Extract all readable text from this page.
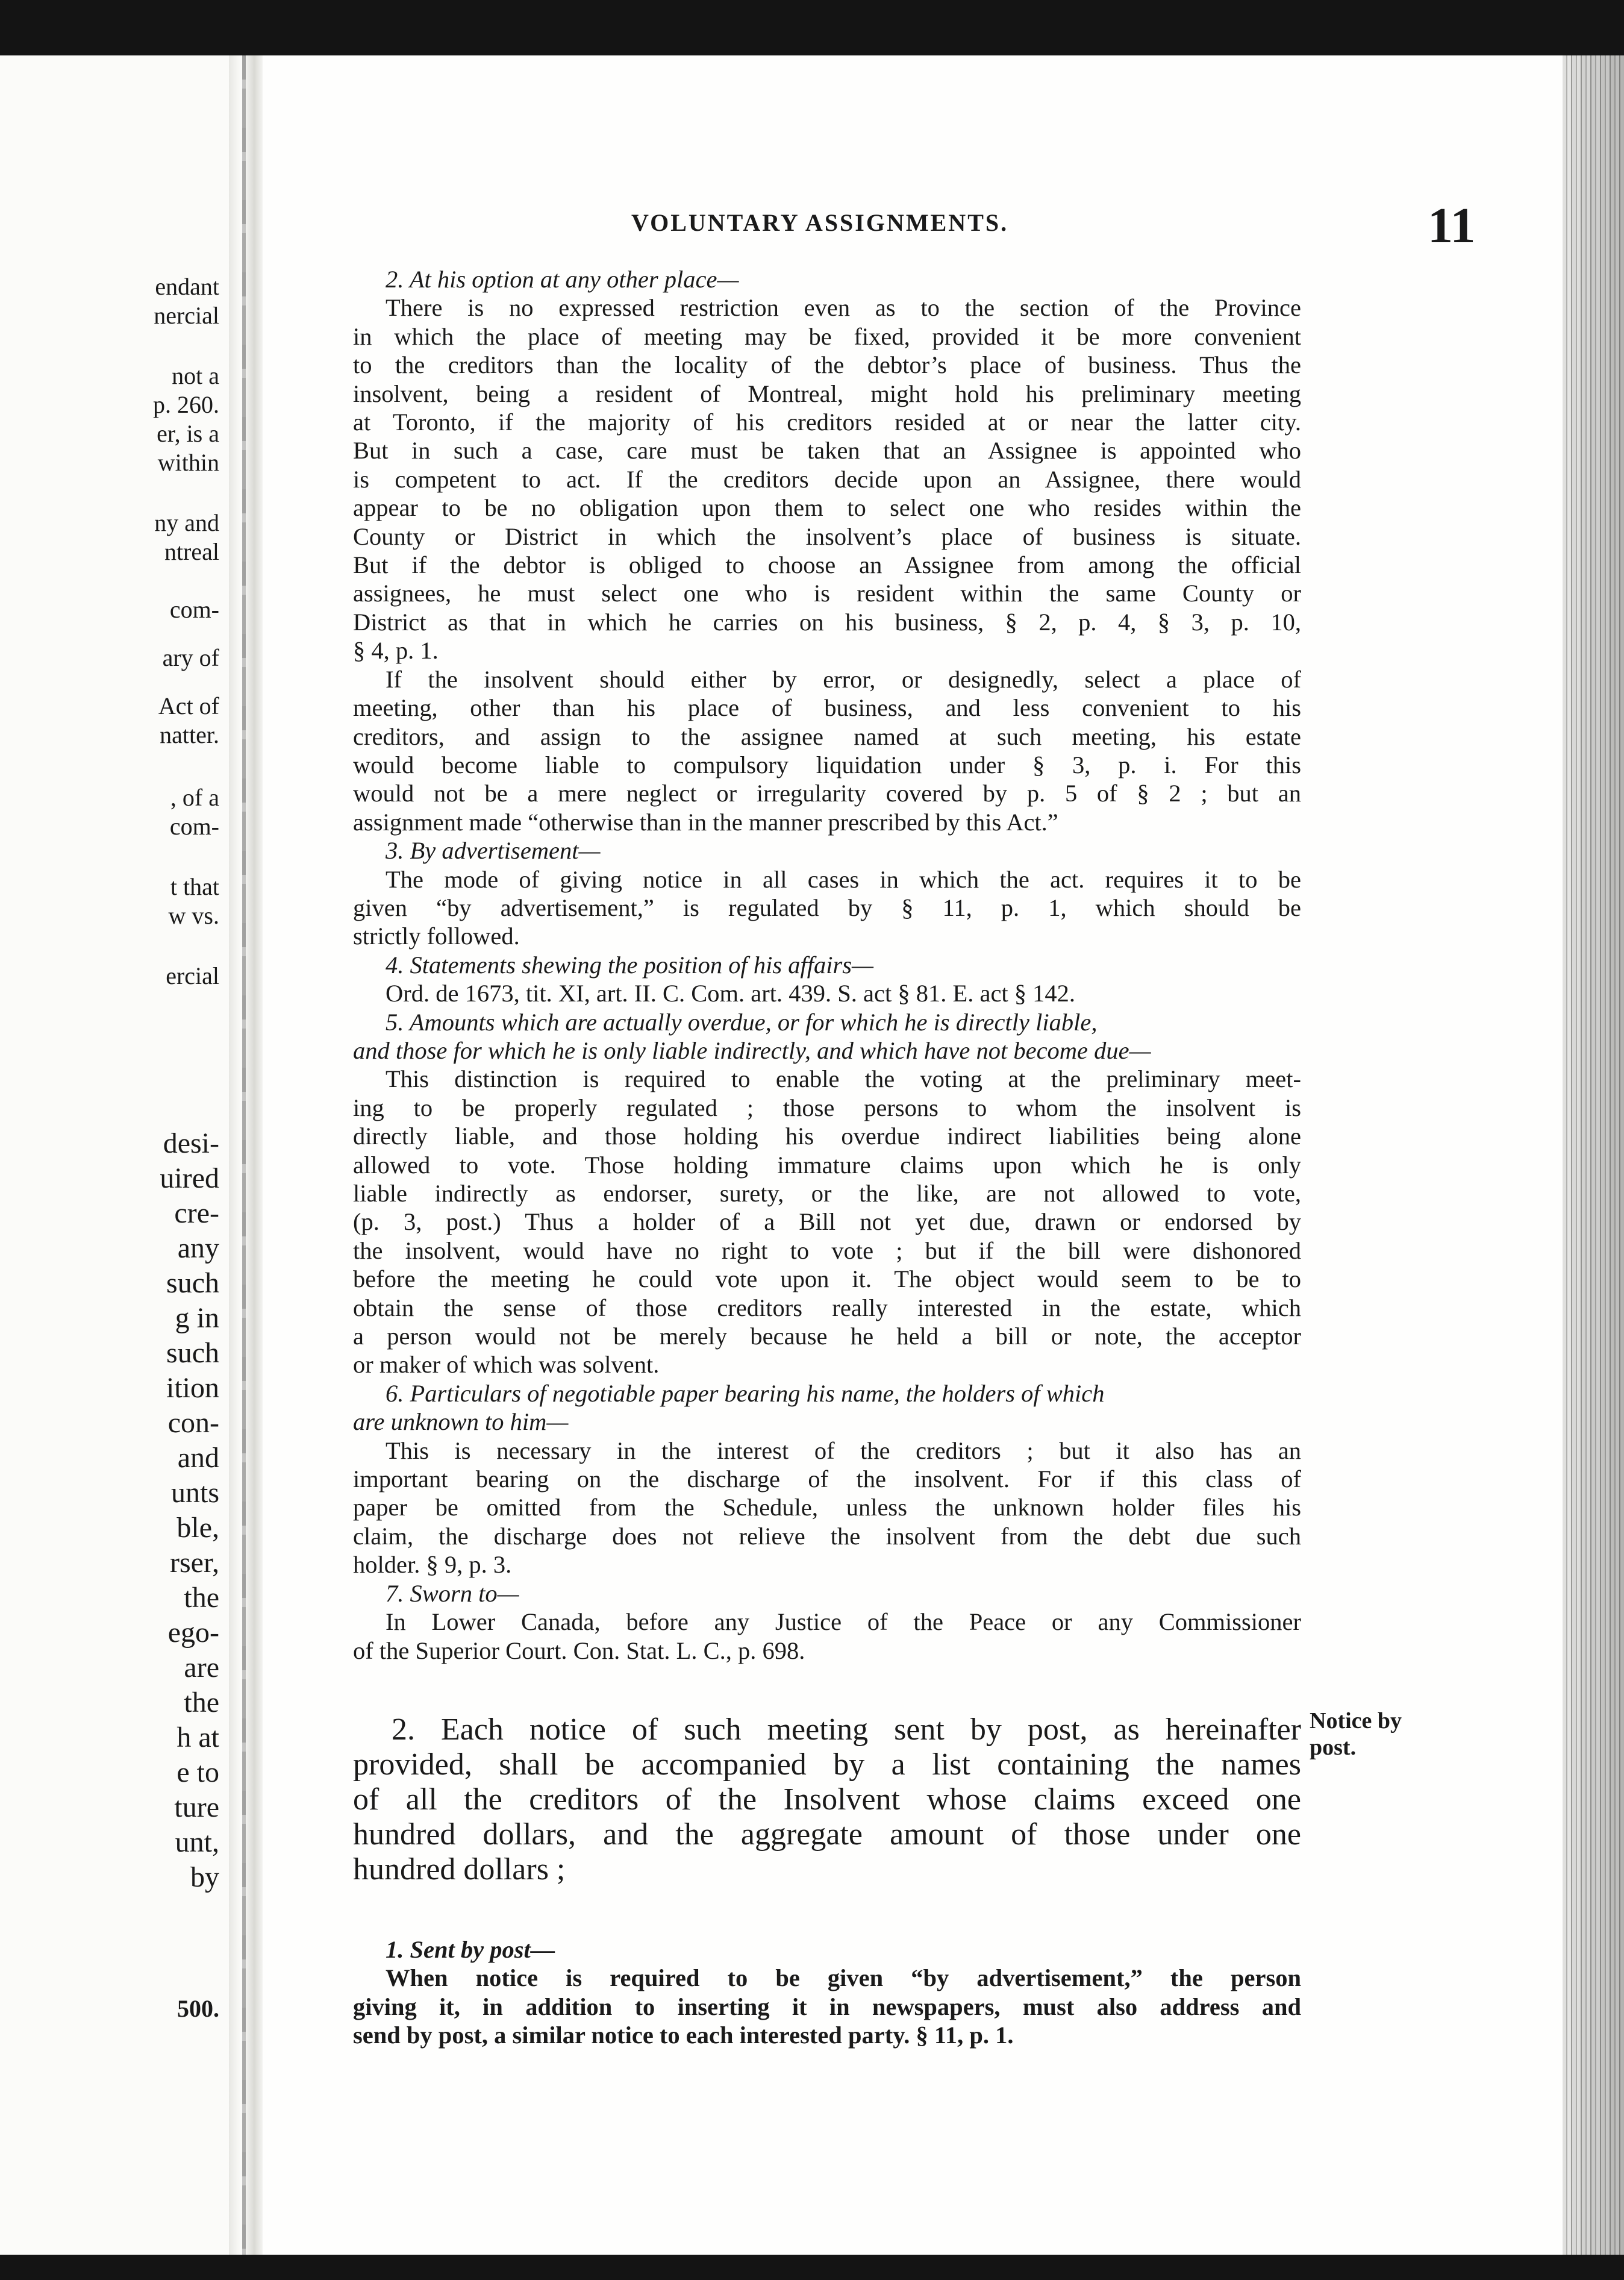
endant
nercial
not a
p. 260.
er, is a
within
ny and
ntreal
com-
ary of
Act of
natter.
, of a
com-
t that
w vs.
ercial
desi-
uired
cre-
any
such
g in
such
ition
con-
and
unts
ble,
rser,
the
ego-
are
the
h at
e to
ture
unt,
by
500.
VOLUNTARY ASSIGNMENTS.	11
2. At his option at any other place—
There is no expressed restriction even as to the section of the Province
in which the place of meeting may be fixed, provided it be more convenient
to the creditors than the locality of the debtor’s place of business. Thus the
insolvent, being a resident of Montreal, might hold his preliminary meeting
at Toronto, if the majority of his creditors resided at or near the latter city.
But in such a case, care must be taken that an Assignee is appointed who
is competent to act. If the creditors decide upon an Assignee, there would
appear to be no obligation upon them to select one who resides within the
County or District in which the insolvent’s place of business is situate.
But if the debtor is obliged to choose an Assignee from among the official
assignees, he must select one who is resident within the same County or
District as that in which he carries on his business, § 2, p. 4, § 3, p. 10,
§ 4, p. 1.
If the insolvent should either by error, or designedly, select a place of
meeting, other than his place of business, and less convenient to his
creditors, and assign to the assignee named at such meeting, his estate
would become liable to compulsory liquidation under § 3, p. i. For this
would not be a mere neglect or irregularity covered by p. 5 of § 2 ; but an
assignment made “otherwise than in the manner prescribed by this Act.”
3. By advertisement—
The mode of giving notice in all cases in which the act. requires it to be
given “by advertisement,” is regulated by § 11, p. 1, which should be
strictly followed.
4. Statements shewing the position of his affairs—
Ord. de 1673, tit. XI, art. II. C. Com. art. 439. S. act § 81. E. act § 142.
5. Amounts which are actually overdue, or for which he is directly liable,
and those for which he is only liable indirectly, and which have not become due—
This distinction is required to enable the voting at the preliminary meet-
ing to be properly regulated ; those persons to whom the insolvent is
directly liable, and those holding his overdue indirect liabilities being alone
allowed to vote. Those holding immature claims upon which he is only
liable indirectly as endorser, surety, or the like, are not allowed to vote,
(p. 3, post.) Thus a holder of a Bill not yet due, drawn or endorsed by
the insolvent, would have no right to vote ; but if the bill were dishonored
before the meeting he could vote upon it. The object would seem to be to
obtain the sense of those creditors really interested in the estate, which
a person would not be merely because he held a bill or note, the acceptor
or maker of which was solvent.
6. Particulars of negotiable paper bearing his name, the holders of which
are unknown to him—
This is necessary in the interest of the creditors ; but it also has an
important bearing on the discharge of the insolvent. For if this class of
paper be omitted from the Schedule, unless the unknown holder files his
claim, the discharge does not relieve the insolvent from the debt due such
holder. § 9, p. 3.
7. Sworn to—
In Lower Canada, before any Justice of the Peace or any Commissioner
of the Superior Court. Con. Stat. L. C., p. 698.
2. Each notice of such meeting sent by post, as hereinafter
provided, shall be accompanied by a list containing the names
of all the creditors of the Insolvent whose claims exceed one
hundred dollars, and the aggregate amount of those under one
hundred dollars ;
Notice by post.
1. Sent by post—
When notice is required to be given “by advertisement,” the person
giving it, in addition to inserting it in newspapers, must also address and
send by post, a similar notice to each interested party. § 11, p. 1.
